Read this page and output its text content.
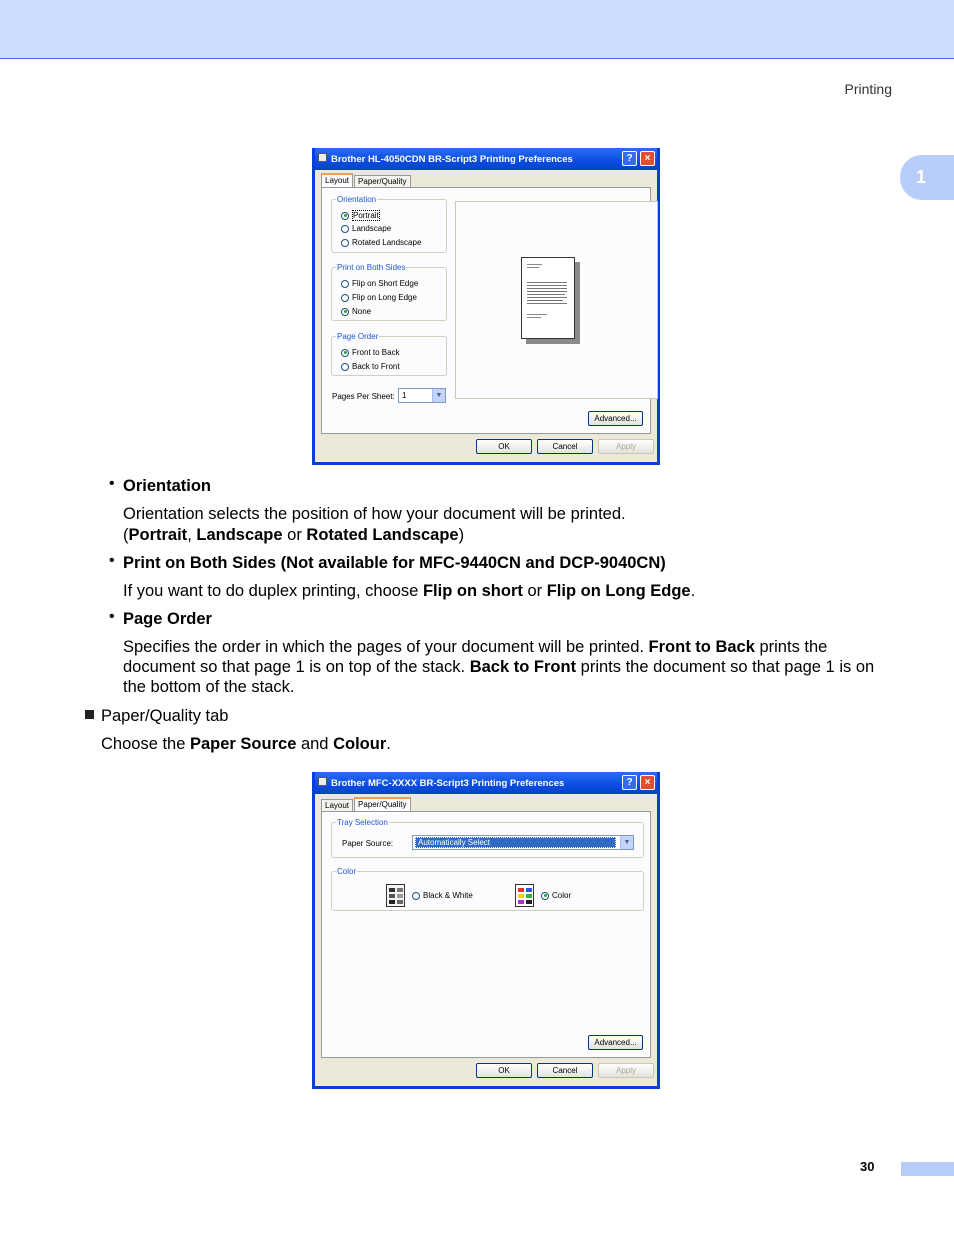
Printing
1
Brother HL-4050CDN BR-Script3 Printing Preferences	?	×
Layout	Paper/Quality
Orientation
Portrait
Landscape
Rotated Landscape
Print on Both Sides
Flip on Short Edge
Flip on Long Edge
None
Page Order
Front to Back
Back to Front
Pages Per Sheet: 1	▼
Advanced...
OK	Cancel	Apply
• Orientation
Orientation selects the position of how your document will be printed.
(Portrait, Landscape or Rotated Landscape)
• Print on Both Sides (Not available for MFC-9440CN and DCP-9040CN)
If you want to do duplex printing, choose Flip on short or Flip on Long Edge.
• Page Order
Specifies the order in which the pages of your document will be printed. Front to Back prints the document so that page 1 is on top of the stack. Back to Front prints the document so that page 1 is on the bottom of the stack.
Paper/Quality tab
Choose the Paper Source and Colour.
Brother MFC-XXXX BR-Script3 Printing Preferences	?	×
Layout	Paper/Quality
Tray Selection
Paper Source:	Automatically Select	▼
Color
Black & White	Color
Advanced...
OK	Cancel	Apply
30
